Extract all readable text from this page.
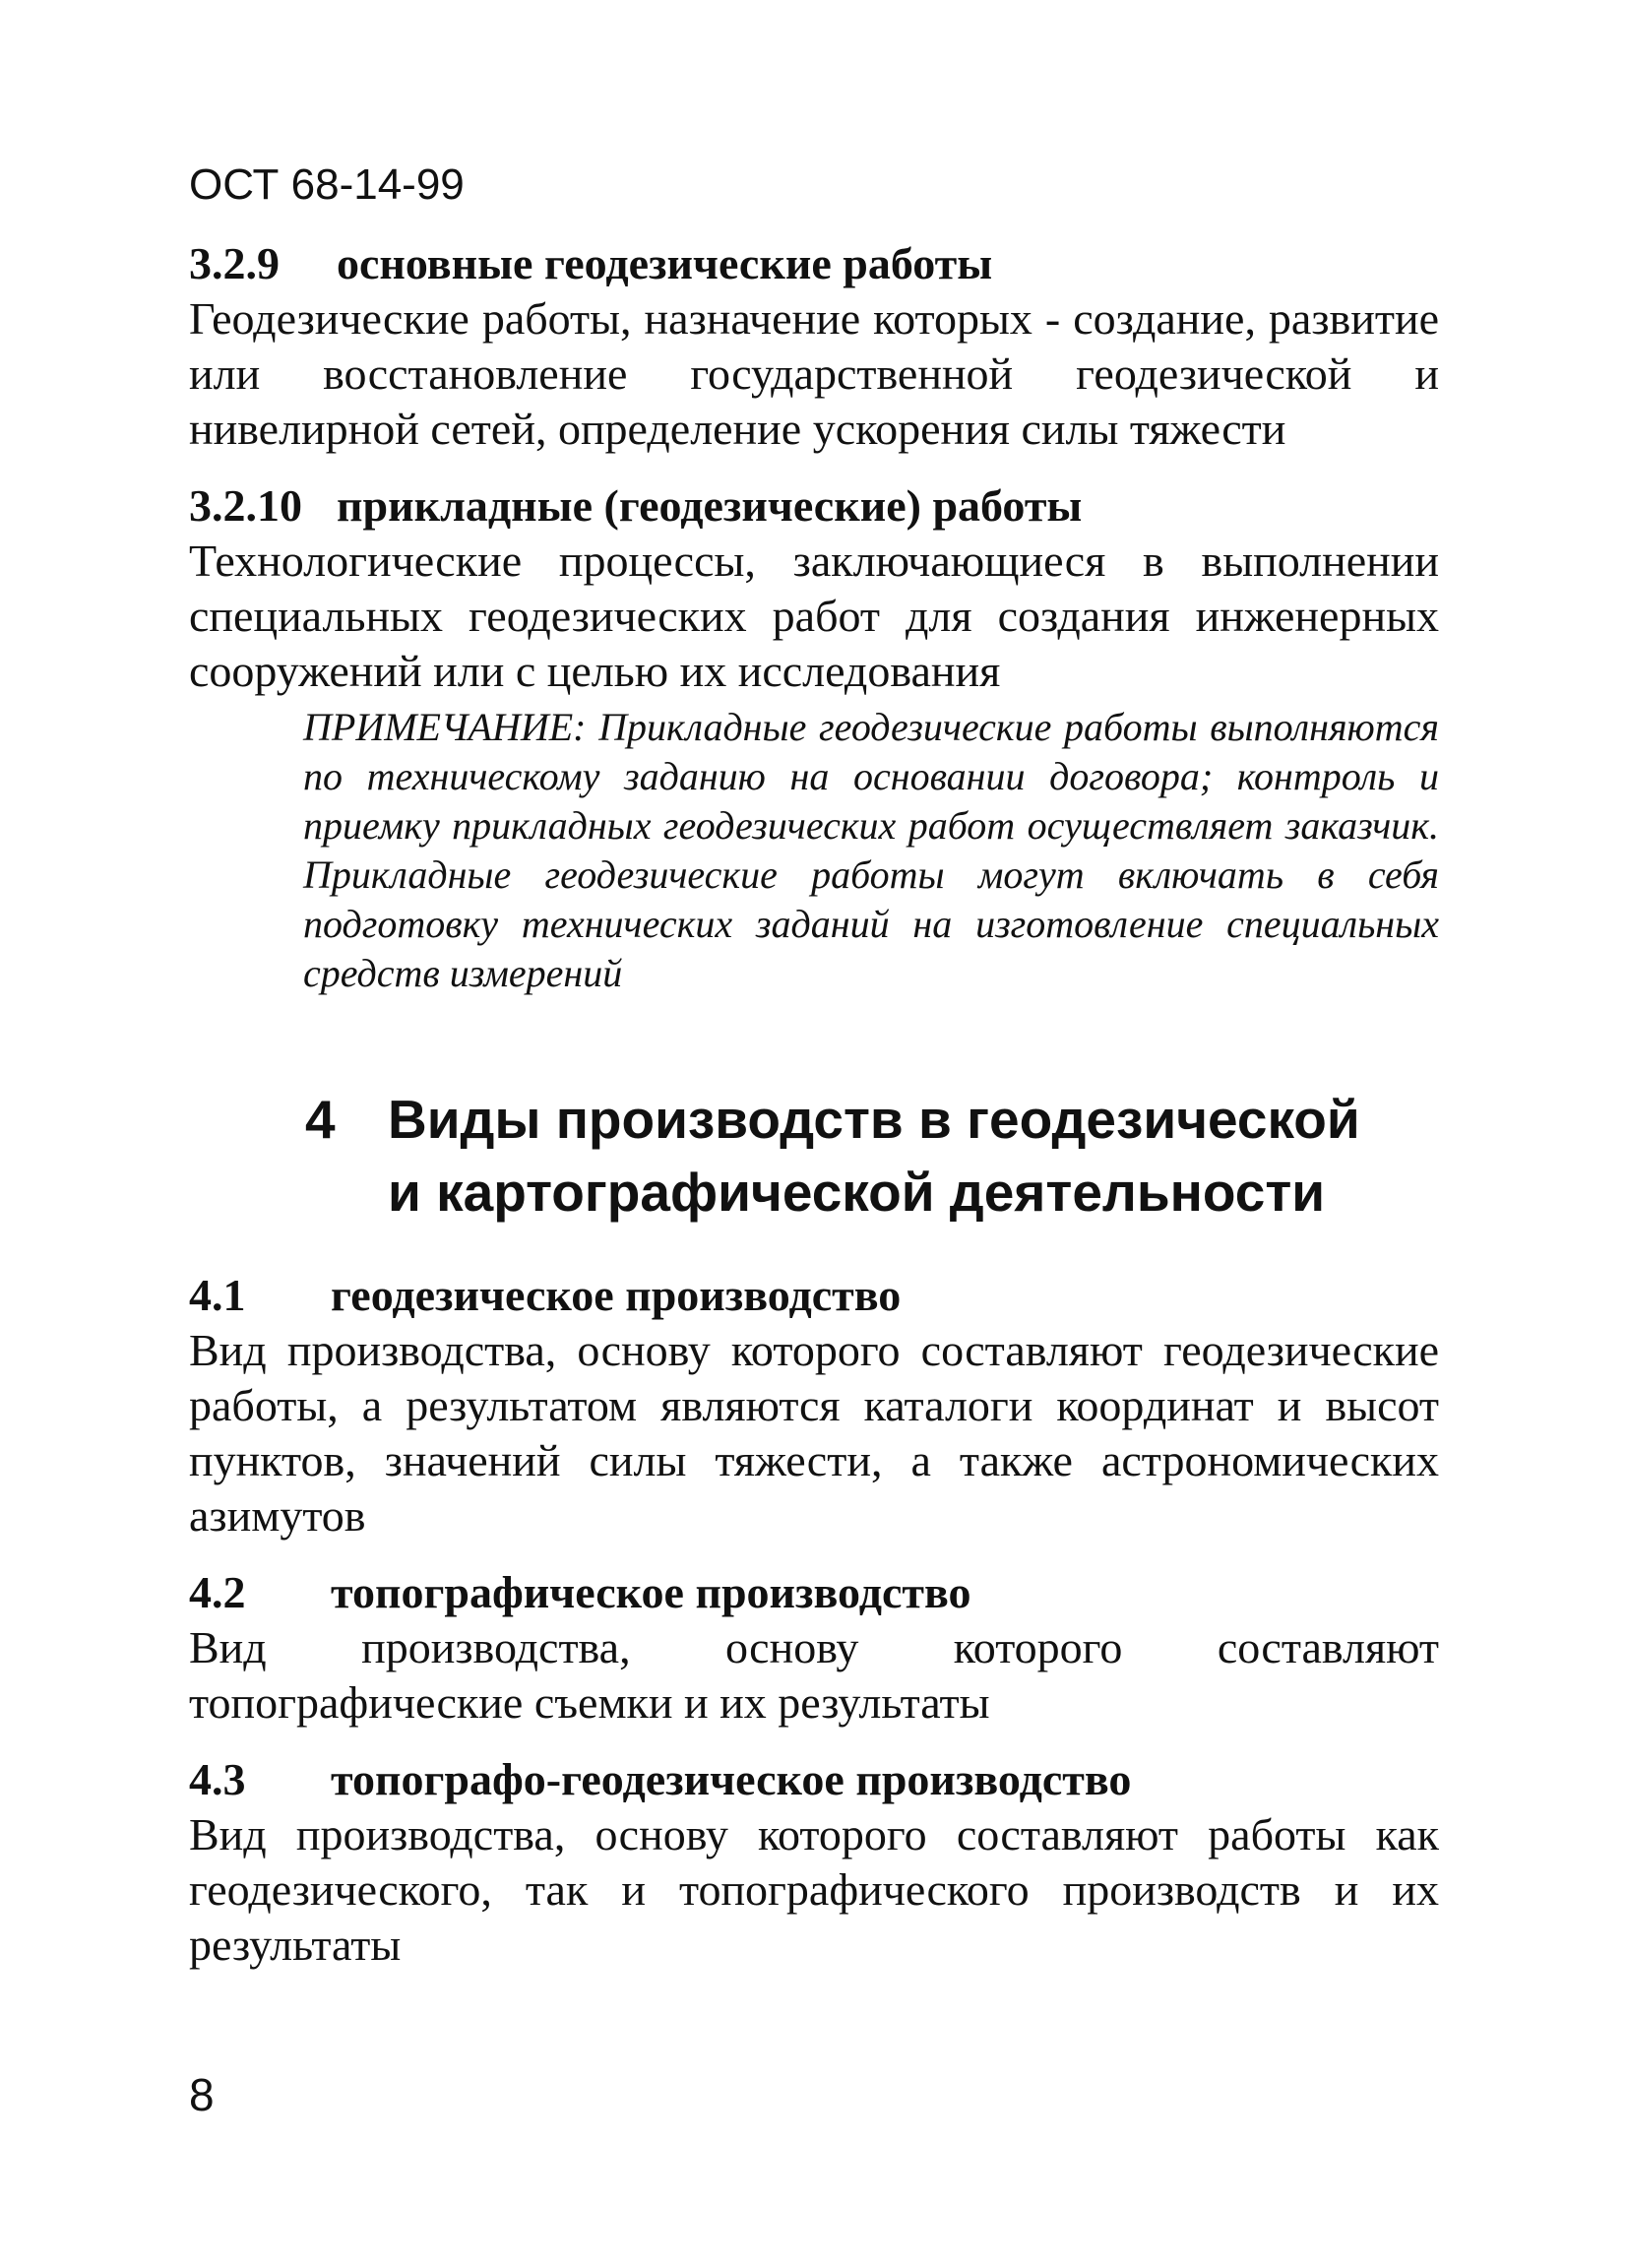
ОСТ 68-14-99

3.2.9 основные геодезические работы

Геодезические работы, назначение которых - создание, развитие или восстановление государственной геодезической и нивелирной сетей, определение ускорения силы тяжести

3.2.10 прикладные (геодезические) работы

Технологические процессы, заключающиеся в выполнении специальных геодезических работ для создания инженерных сооружений или с целью их исследования

ПРИМЕЧАНИЕ: Прикладные геодезические работы выполняются по техническому заданию на основании договора; контроль и приемку прикладных геодезических работ осуществляет заказчик. Прикладные геодезические работы могут включать в себя подготовку технических заданий на изготовление специальных средств измерений

4 Виды производств в геодезической
и картографической деятельности

4.1 геодезическое производство

Вид производства, основу которого составляют геодезические работы, а результатом являются каталоги координат и высот пунктов, значений силы тяжести, а также астрономических азимутов

4.2 топографическое производство

Вид производства, основу которого составляют топографические съемки и их результаты

4.3 топографо-геодезическое производство

Вид производства, основу которого составляют работы как геодезического, так и топографического производств и их результаты

8
